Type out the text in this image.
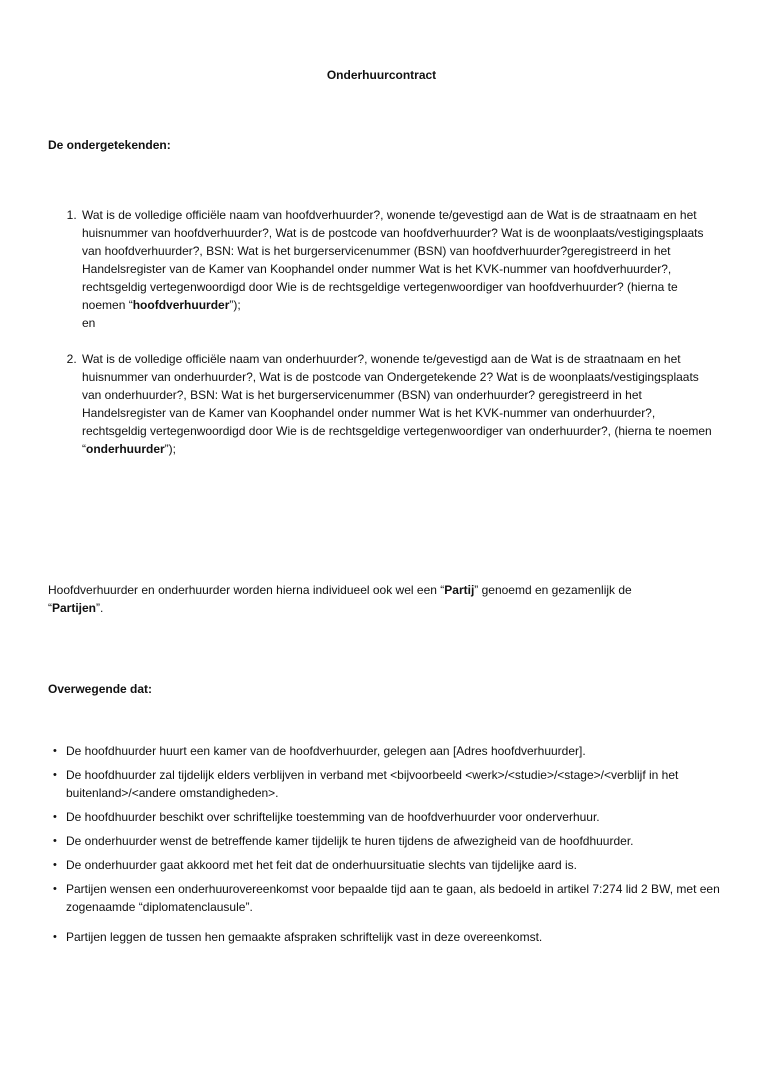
Onderhuurcontract
De ondergetekenden:
1. Wat is de volledige officiële naam van hoofdverhuurder?, wonende te/gevestigd aan de Wat is de straatnaam en het huisnummer van hoofdverhuurder?, Wat is de postcode van hoofdverhuurder? Wat is de woonplaats/vestigingsplaats van hoofdverhuurder?, BSN: Wat is het burgerservicenummer (BSN) van hoofdverhuurder?geregistreerd in het Handelsregister van de Kamer van Koophandel onder nummer Wat is het KVK-nummer van hoofdverhuurder?, rechtsgeldig vertegenwoordigd door Wie is de rechtsgeldige vertegenwoordiger van hoofdverhuurder? (hierna te noemen “hoofdverhuurder”);
en
2. Wat is de volledige officiële naam van onderhuurder?, wonende te/gevestigd aan de Wat is de straatnaam en het huisnummer van onderhuurder?, Wat is de postcode van Ondergetekende 2? Wat is de woonplaats/vestigingsplaats van onderhuurder?, BSN: Wat is het burgerservicenummer (BSN) van onderhuurder? geregistreerd in het Handelsregister van de Kamer van Koophandel onder nummer Wat is het KVK-nummer van onderhuurder?, rechtsgeldig vertegenwoordigd door Wie is de rechtsgeldige vertegenwoordiger van onderhuurder?, (hierna te noemen “onderhuurder”);
Hoofdverhuurder en onderhuurder worden hierna individueel ook wel een “Partij” genoemd en gezamenlijk de “Partijen”.
Overwegende dat:
• De hoofdhuurder huurt een kamer van de hoofdverhuurder, gelegen aan [Adres hoofdverhuurder].
• De hoofdhuurder zal tijdelijk elders verblijven in verband met <bijvoorbeeld <werk>/<studie>/<stage>/<verblijf in het buitenland>/<andere omstandigheden>.
• De hoofdhuurder beschikt over schriftelijke toestemming van de hoofdverhuurder voor onderverhuur.
• De onderhuurder wenst de betreffende kamer tijdelijk te huren tijdens de afwezigheid van de hoofdhuurder.
• De onderhuurder gaat akkoord met het feit dat de onderhuursituatie slechts van tijdelijke aard is.
• Partijen wensen een onderhuurovereenkomst voor bepaalde tijd aan te gaan, als bedoeld in artikel 7:274 lid 2 BW, met een zogenaamde “diplomatenclausule”.
• Partijen leggen de tussen hen gemaakte afspraken schriftelijk vast in deze overeenkomst.
